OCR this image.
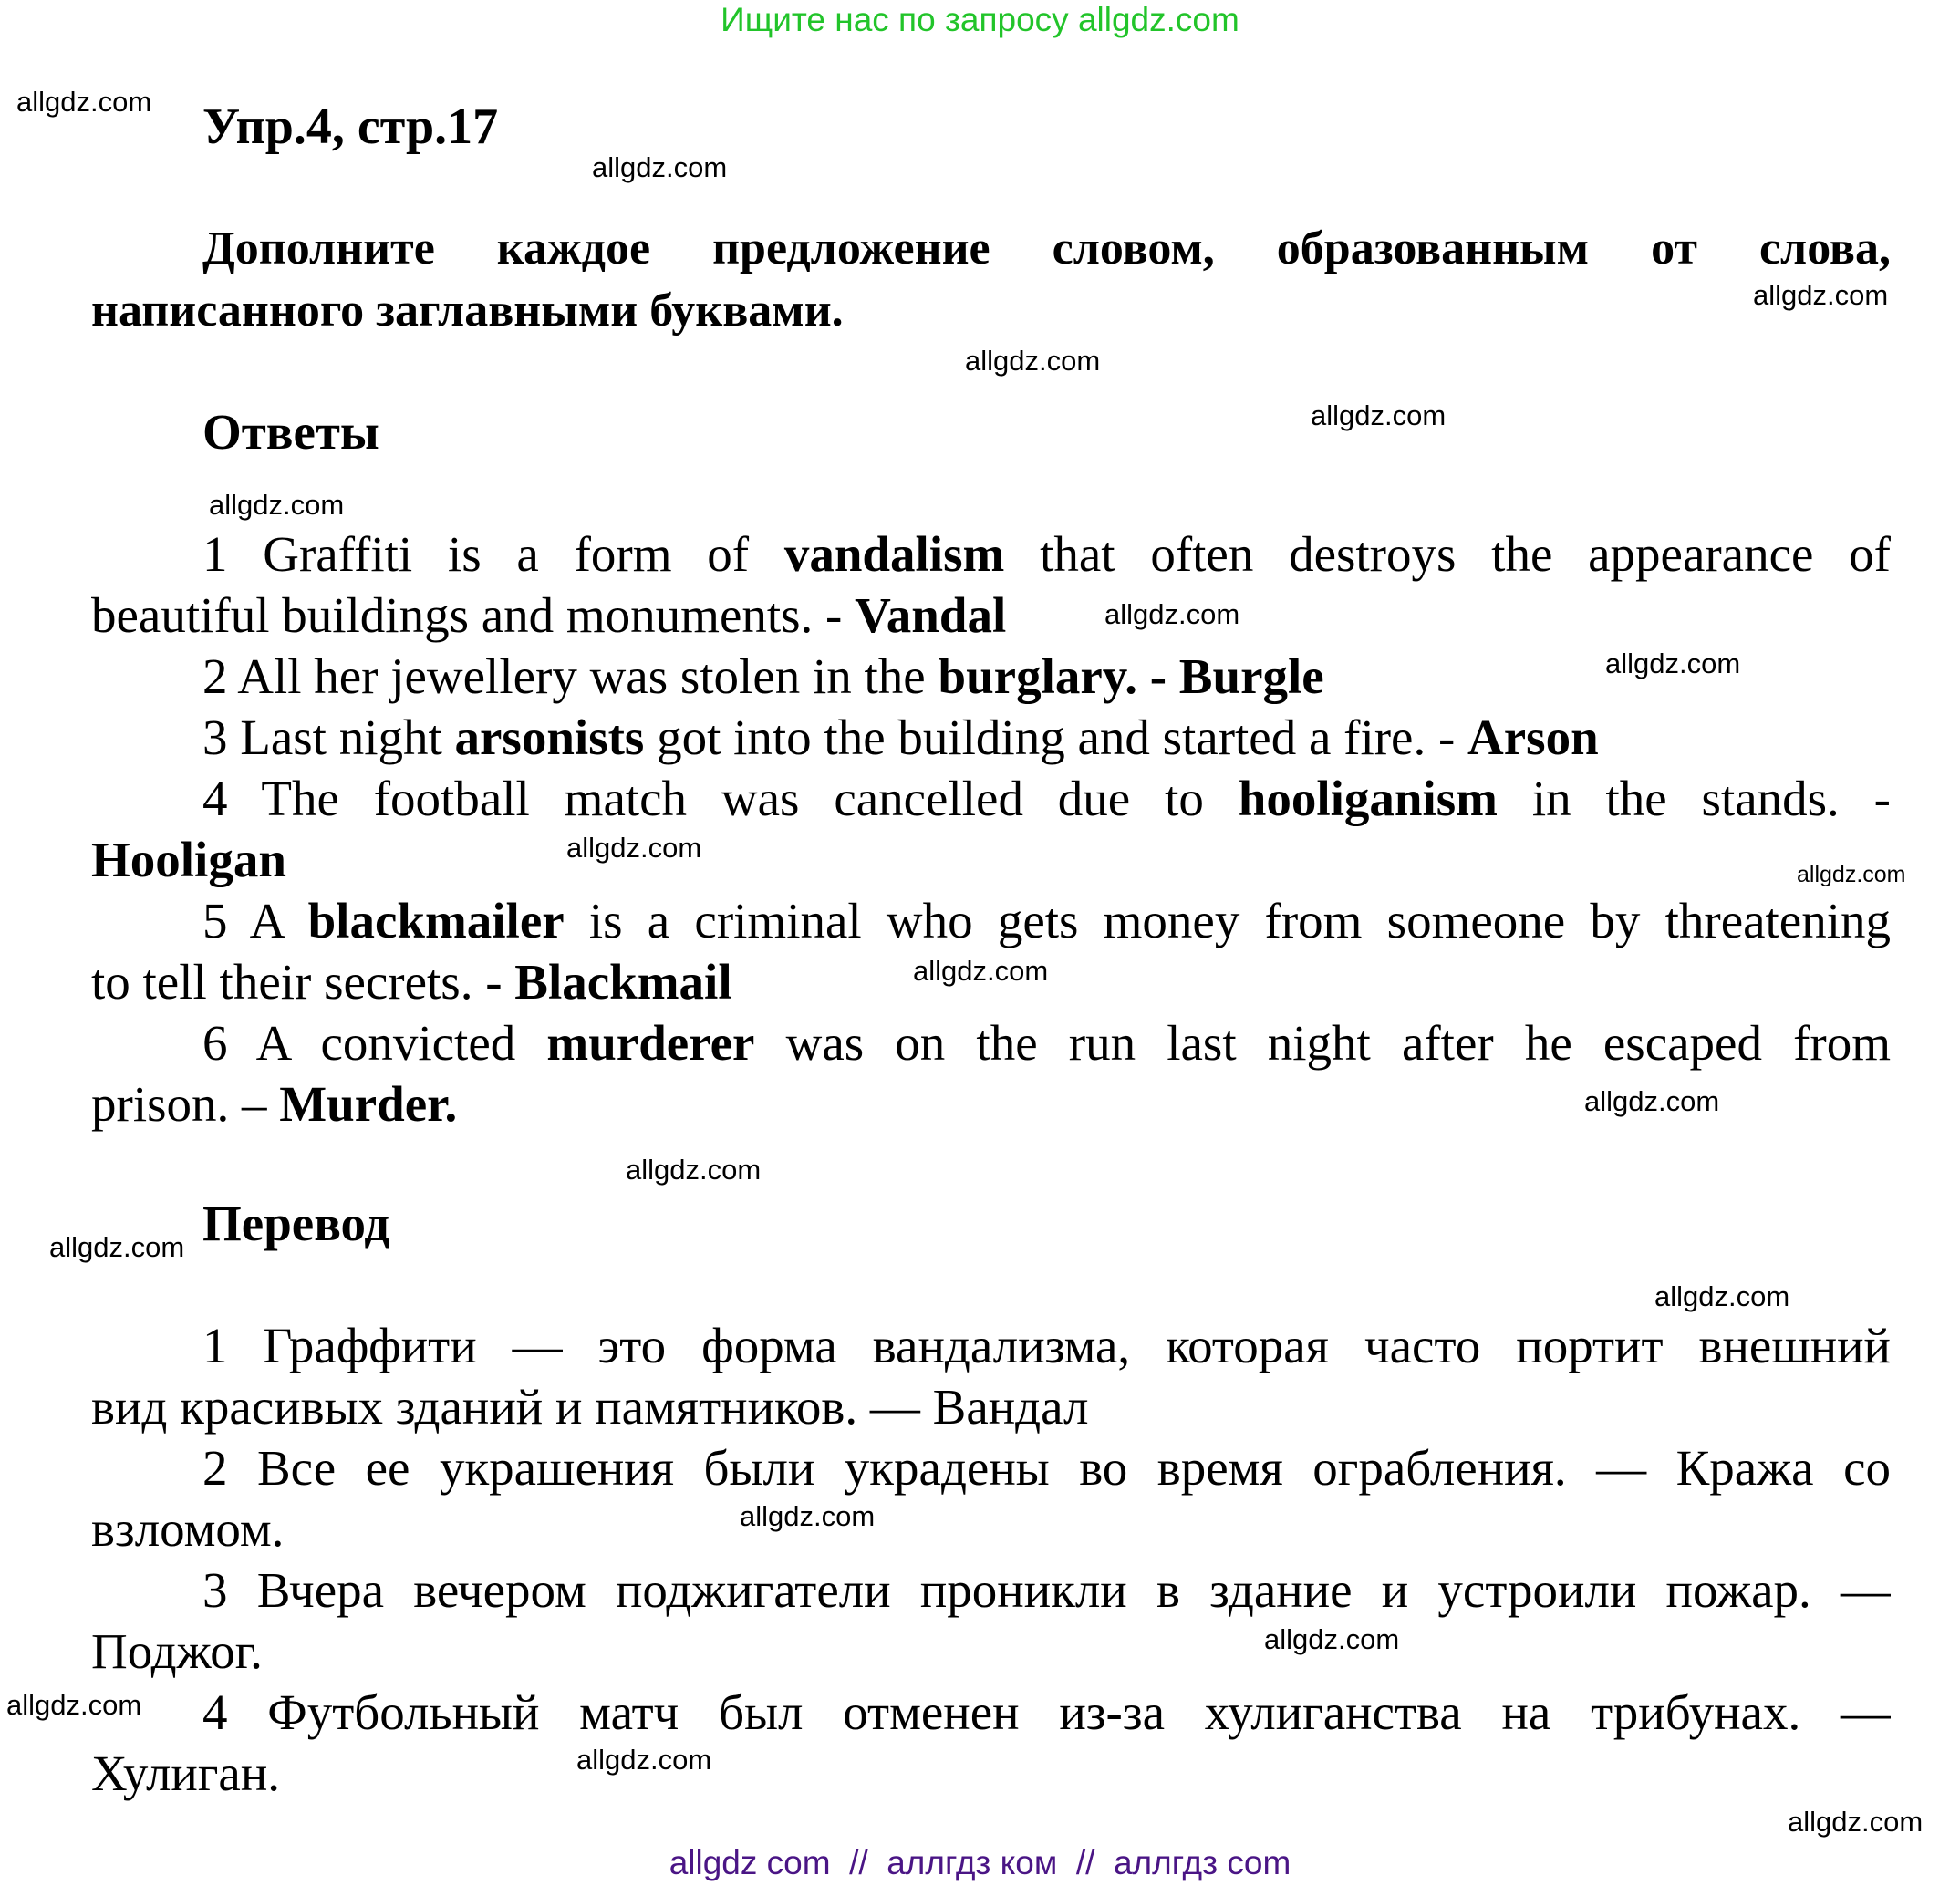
Ищите нас по запросу allgdz.com
Упр.4, стр.17
Дополните каждое предложение словом, образованным от слова,
написанного заглавными буквами.
Ответы
1 Graffiti is a form of vandalism that often destroys the appearance of
beautiful buildings and monuments. - Vandal
2 All her jewellery was stolen in the burglary. - Burgle
3 Last night arsonists got into the building and started a fire. - Arson
4 The football match was cancelled due to hooliganism in the stands. -
Hooligan
5 A blackmailer is a criminal who gets money from someone by threatening
to tell their secrets. - Blackmail
6 A convicted murderer was on the run last night after he escaped from
prison. – Murder.
Перевод
1 Граффити — это форма вандализма, которая часто портит внешний
вид красивых зданий и памятников. — Вандал
2 Все ее украшения были украдены во время ограбления. — Кража со
взломом.
3 Вчера вечером поджигатели проникли в здание и устроили пожар. —
Поджог.
4 Футбольный матч был отменен из-за хулиганства на трибунах. —
Хулиган.
allgdz.com
allgdz.com
allgdz.com
allgdz.com
allgdz.com
allgdz.com
allgdz.com
allgdz.com
allgdz.com
allgdz.com
allgdz.com
allgdz.com
allgdz.com
allgdz.com
allgdz.com
allgdz.com
allgdz.com
allgdz.com
allgdz.com
allgdz.com
allgdz com  //  аллгдз ком  //  аллгдз com
